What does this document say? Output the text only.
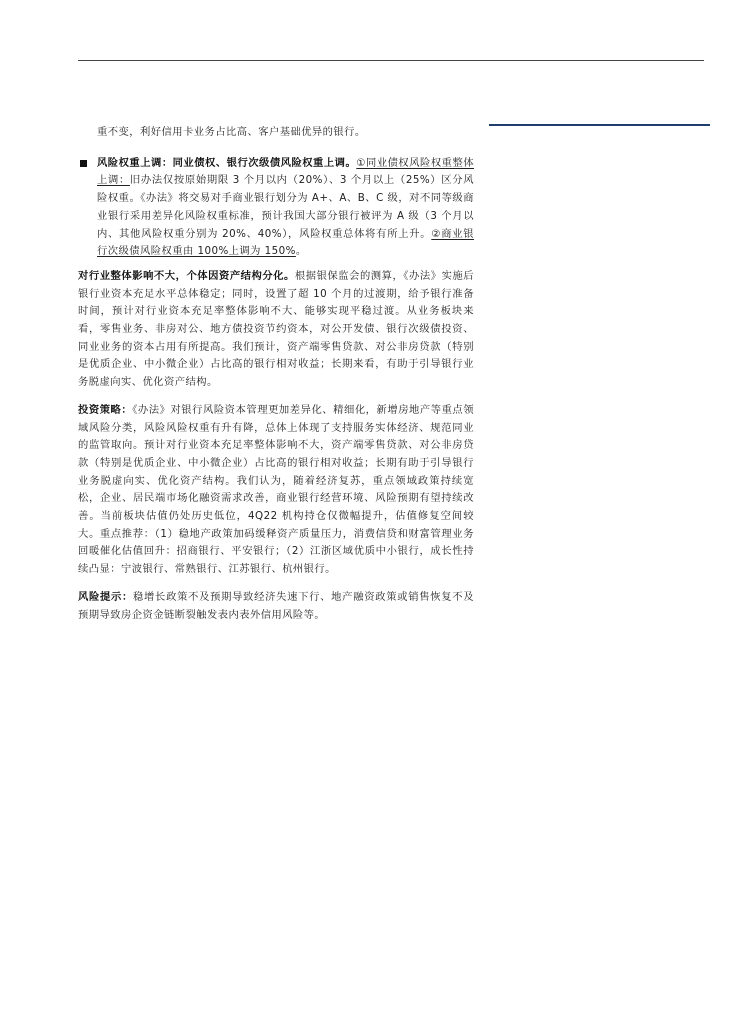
重不变，利好信用卡业务占比高、客户基础优异的银行。

风险权重上调：同业债权、银行次级债风险权重上调。①同业债权风险权重整体上调：旧办法仅按原始期限 3 个月以内（20%）、3 个月以上（25%）区分风险权重。《办法》将交易对手商业银行划分为 A+、A、B、C 级，对不同等级商业银行采用差异化风险权重标准，预计我国大部分银行被评为 A 级（3 个月以内、其他风险权重分别为 20%、40%），风险权重总体将有所上升。②商业银行次级债风险权重由 100%上调为 150%。

对行业整体影响不大，个体因资产结构分化。根据银保监会的测算，《办法》实施后银行业资本充足水平总体稳定；同时，设置了超 10 个月的过渡期，给予银行准备时间，预计对行业资本充足率整体影响不大、能够实现平稳过渡。从业务板块来看，零售业务、非房对公、地方债投资节约资本，对公开发债、银行次级债投资、同业业务的资本占用有所提高。我们预计，资产端零售贷款、对公非房贷款（特别是优质企业、中小微企业）占比高的银行相对收益；长期来看，有助于引导银行业务脱虚向实、优化资产结构。

投资策略：《办法》对银行风险资本管理更加差异化、精细化，新增房地产等重点领域风险分类，风险风险权重有升有降，总体上体现了支持服务实体经济、规范同业的监管取向。预计对行业资本充足率整体影响不大，资产端零售贷款、对公非房贷款（特别是优质企业、中小微企业）占比高的银行相对收益；长期有助于引导银行业务脱虚向实、优化资产结构。我们认为，随着经济复苏，重点领域政策持续宽松，企业、居民端市场化融资需求改善，商业银行经营环境、风险预期有望持续改善。当前板块估值仍处历史低位，4Q22 机构持仓仅微幅提升，估值修复空间较大。重点推荐：（1）稳地产政策加码缓释资产质量压力，消费信贷和财富管理业务回暖催化估值回升：招商银行、平安银行；（2）江浙区域优质中小银行，成长性持续凸显：宁波银行、常熟银行、江苏银行、杭州银行。

风险提示：稳增长政策不及预期导致经济失速下行、地产融资政策或销售恢复不及预期导致房企资金链断裂触发表内表外信用风险等。
